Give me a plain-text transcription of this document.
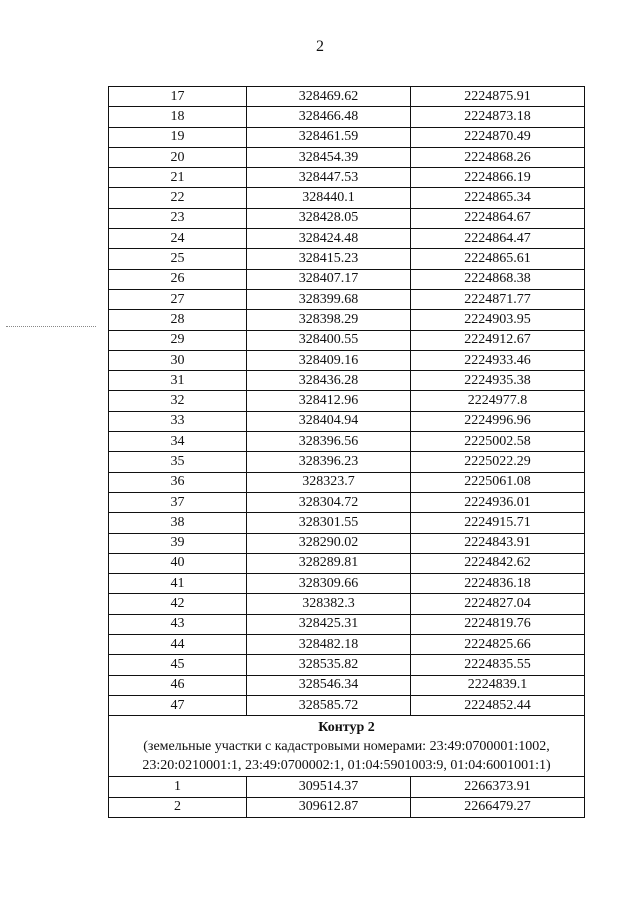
2
17	328469.62	2224875.91
18	328466.48	2224873.18
19	328461.59	2224870.49
20	328454.39	2224868.26
21	328447.53	2224866.19
22	328440.1	2224865.34
23	328428.05	2224864.67
24	328424.48	2224864.47
25	328415.23	2224865.61
26	328407.17	2224868.38
27	328399.68	2224871.77
28	328398.29	2224903.95
29	328400.55	2224912.67
30	328409.16	2224933.46
31	328436.28	2224935.38
32	328412.96	2224977.8
33	328404.94	2224996.96
34	328396.56	2225002.58
35	328396.23	2225022.29
36	328323.7	2225061.08
37	328304.72	2224936.01
38	328301.55	2224915.71
39	328290.02	2224843.91
40	328289.81	2224842.62
41	328309.66	2224836.18
42	328382.3	2224827.04
43	328425.31	2224819.76
44	328482.18	2224825.66
45	328535.82	2224835.55
46	328546.34	2224839.1
47	328585.72	2224852.44

Контур 2
(земельные участки с кадастровыми номерами: 23:49:0700001:1002, 23:20:0210001:1, 23:49:0700002:1, 01:04:5901003:9, 01:04:6001001:1)		

1	309514.37	2266373.91
2	309612.87	2266479.27
